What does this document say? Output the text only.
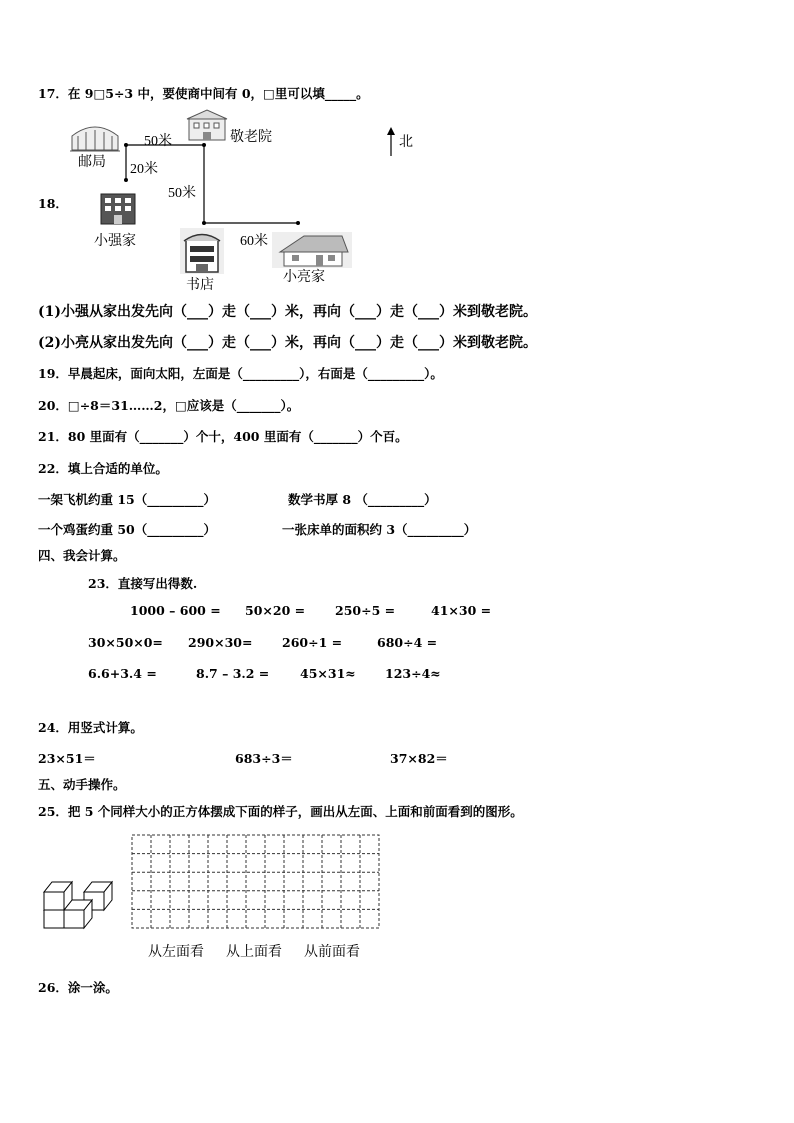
17．在 9□5÷3 中，要使商中间有 0，□里可以填_____。
18．
邮局
敬老院	北
50米
20米
50米
60米
小强家
书店
小亮家
(1)小强从家出发先向（___）走（___）米，再向（___）走（___）米到敬老院。
(2)小亮从家出发先向（___）走（___）米，再向（___）走（___）米到敬老院。
19．早晨起床，面向太阳，左面是（_________），右面是（_________）。
20．□÷8＝31……2，□应该是（_______）。
21．80 里面有（_______）个十，400 里面有（_______）个百。
22．填上合适的单位。
一架飞机约重 15（_________）	数学书厚 8 （_________）
一个鸡蛋约重 50（_________）	一张床单的面积约 3（_________）
四、我会计算。
23．直接写出得数.
1000 – 600 = 50×20 = 250÷5 =	41×30 =
30×50×0= 290×30= 260÷1 =	680÷4 =
6.6+3.4 =	8.7 – 3.2 = 45×31≈ 123÷4≈
24．用竖式计算。
23×51＝	683÷3＝	37×82＝
五、动手操作。
25．把 5 个同样大小的正方体摆成下面的样子，画出从左面、上面和前面看到的图形。
从左面看 从上面看 从前面看
26．涂一涂。
